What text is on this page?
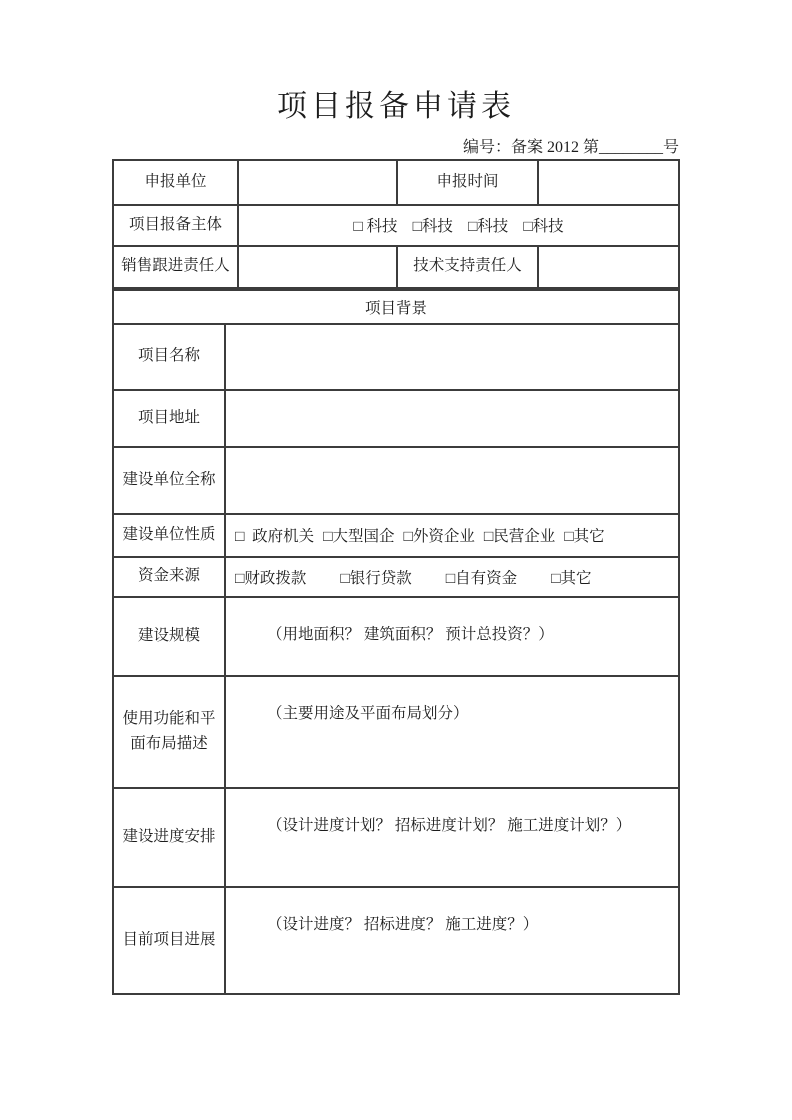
项目报备申请表
编号：备案 2012 第________号
申报单位		申报时间	
项目报备主体	□ 科技 □科技 □科技 □科技		

销售跟进责任人		技术支持责任人	
项目背景	
项目名称	
项目地址	
建设单位全称	
建设单位性质	□  政府机关 □大型国企 □外资企业 □民营企业 □其它

资金来源	□财政拨款 □银行贷款 □自有资金 □其它

建设规模	（用地面积？ 建筑面积？ 预计总投资？）

使用功能和平面布局描述	（主要用途及平面布局划分）

建设进度安排	（设计进度计划？ 招标进度计划？ 施工进度计划？）

目前项目进展	（设计进度？ 招标进度？ 施工进度？）
